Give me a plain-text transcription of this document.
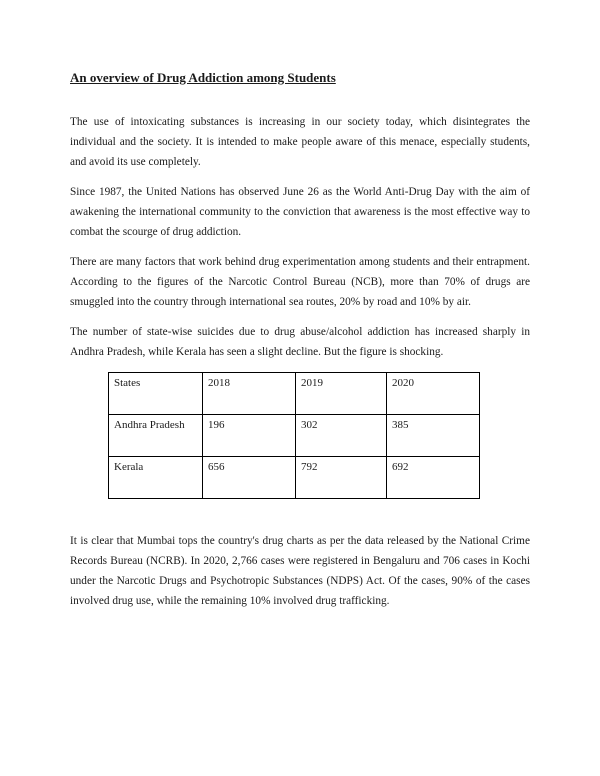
An overview of Drug Addiction among Students

The use of intoxicating substances is increasing in our society today, which disintegrates the individual and the society. It is intended to make people aware of this menace, especially students, and avoid its use completely.

Since 1987, the United Nations has observed June 26 as the World Anti-Drug Day with the aim of awakening the international community to the conviction that awareness is the most effective way to combat the scourge of drug addiction.

There are many factors that work behind drug experimentation among students and their entrapment. According to the figures of the Narcotic Control Bureau (NCB), more than 70% of drugs are smuggled into the country through international sea routes, 20% by road and 10% by air.

The number of state-wise suicides due to drug abuse/alcohol addiction has increased sharply in Andhra Pradesh, while Kerala has seen a slight decline. But the figure is shocking.

States	2018	2019	2020
Andhra Pradesh	196	302	385
Kerala	656	792	692

It is clear that Mumbai tops the country's drug charts as per the data released by the National Crime Records Bureau (NCRB). In 2020, 2,766 cases were registered in Bengaluru and 706 cases in Kochi under the Narcotic Drugs and Psychotropic Substances (NDPS) Act. Of the cases, 90% of the cases involved drug use, while the remaining 10% involved drug trafficking.
